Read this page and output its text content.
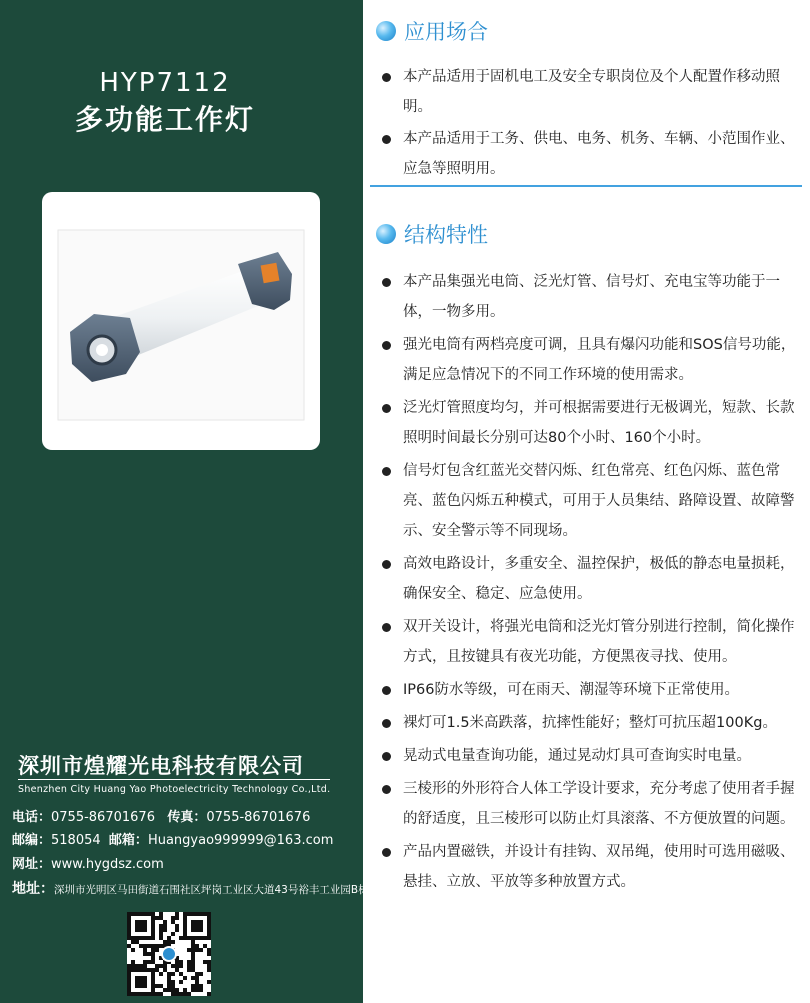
HYP7112
多功能工作灯
深圳市煌耀光电科技有限公司
Shenzhen City Huang Yao Photoelectricity Technology Co.,Ltd.
电话：0755-86701676 传真：0755-86701676
邮编：518054 邮箱：Huangyao999999@163.com
网址：www.hygdsz.com
地址：深圳市光明区马田街道石围社区坪岗工业区大道43号裕丰工业园B栋1102
应用场合
本产品适用于固机电工及安全专职岗位及个人配置作移动照明。
本产品适用于工务、供电、电务、机务、车辆、小范围作业、应急等照明用。
结构特性
本产品集强光电筒、泛光灯管、信号灯、充电宝等功能于一体，一物多用。
强光电筒有两档亮度可调，且具有爆闪功能和SOS信号功能，满足应急情况下的不同工作环境的使用需求。
泛光灯管照度均匀，并可根据需要进行无极调光，短款、长款照明时间最长分别可达80个小时、160个小时。
信号灯包含红蓝光交替闪烁、红色常亮、红色闪烁、蓝色常亮、蓝色闪烁五种模式，可用于人员集结、路障设置、故障警示、安全警示等不同现场。
高效电路设计，多重安全、温控保护，极低的静态电量损耗，确保安全、稳定、应急使用。
双开关设计，将强光电筒和泛光灯管分别进行控制，简化操作方式，且按键具有夜光功能，方便黑夜寻找、使用。
IP66防水等级，可在雨天、潮湿等环境下正常使用。
裸灯可1.5米高跌落，抗摔性能好；整灯可抗压超100Kg。
晃动式电量查询功能，通过晃动灯具可查询实时电量。
三棱形的外形符合人体工学设计要求，充分考虑了使用者手握的舒适度，且三棱形可以防止灯具滚落、不方便放置的问题。
产品内置磁铁，并设计有挂钩、双吊绳，使用时可选用磁吸、悬挂、立放、平放等多种放置方式。
